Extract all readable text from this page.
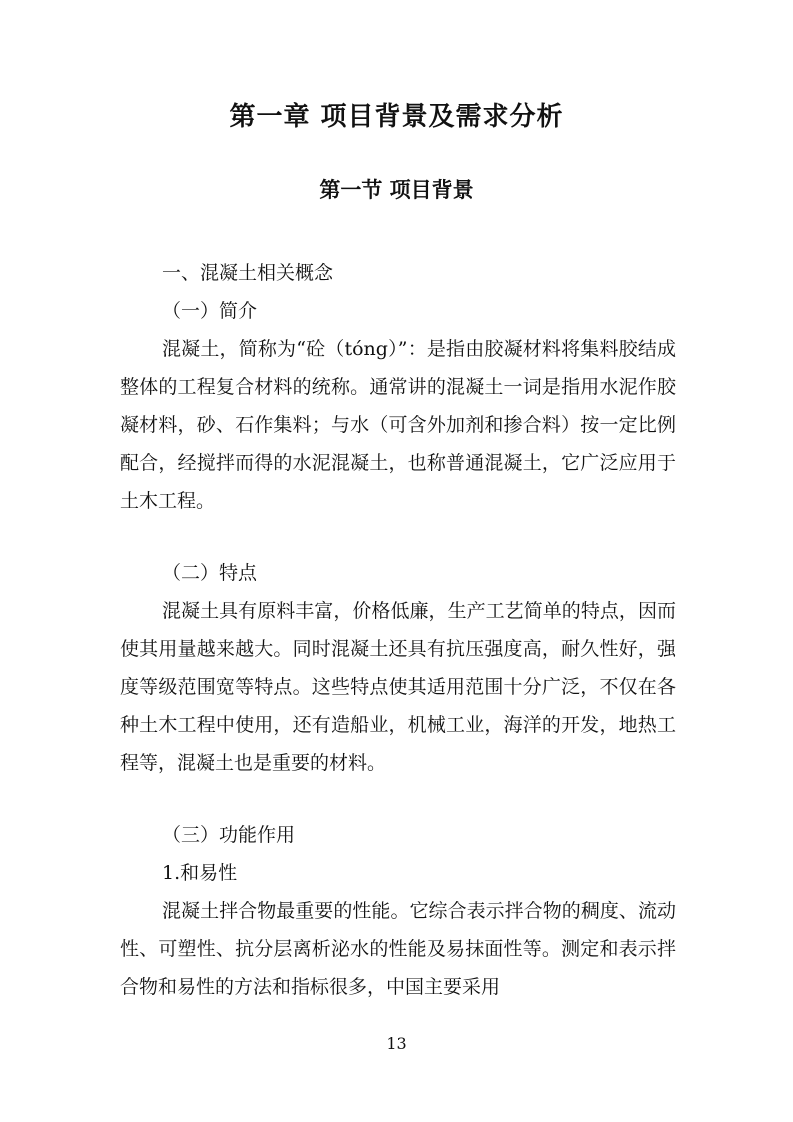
第一章 项目背景及需求分析
第一节 项目背景

一、混凝土相关概念

（一）简介

混凝土，简称为“砼（tóng）”：是指由胶凝材料将集料胶结成整体的工程复合材料的统称。通常讲的混凝土一词是指用水泥作胶凝材料，砂、石作集料；与水（可含外加剂和掺合料）按一定比例配合，经搅拌而得的水泥混凝土，也称普通混凝土，它广泛应用于土木工程。

（二）特点

混凝土具有原料丰富，价格低廉，生产工艺简单的特点，因而使其用量越来越大。同时混凝土还具有抗压强度高，耐久性好，强度等级范围宽等特点。这些特点使其适用范围十分广泛，不仅在各种土木工程中使用，还有造船业，机械工业，海洋的开发，地热工程等，混凝土也是重要的材料。

（三）功能作用

1.和易性

混凝土拌合物最重要的性能。它综合表示拌合物的稠度、流动性、可塑性、抗分层离析泌水的性能及易抹面性等。测定和表示拌合物和易性的方法和指标很多，中国主要采用

13
